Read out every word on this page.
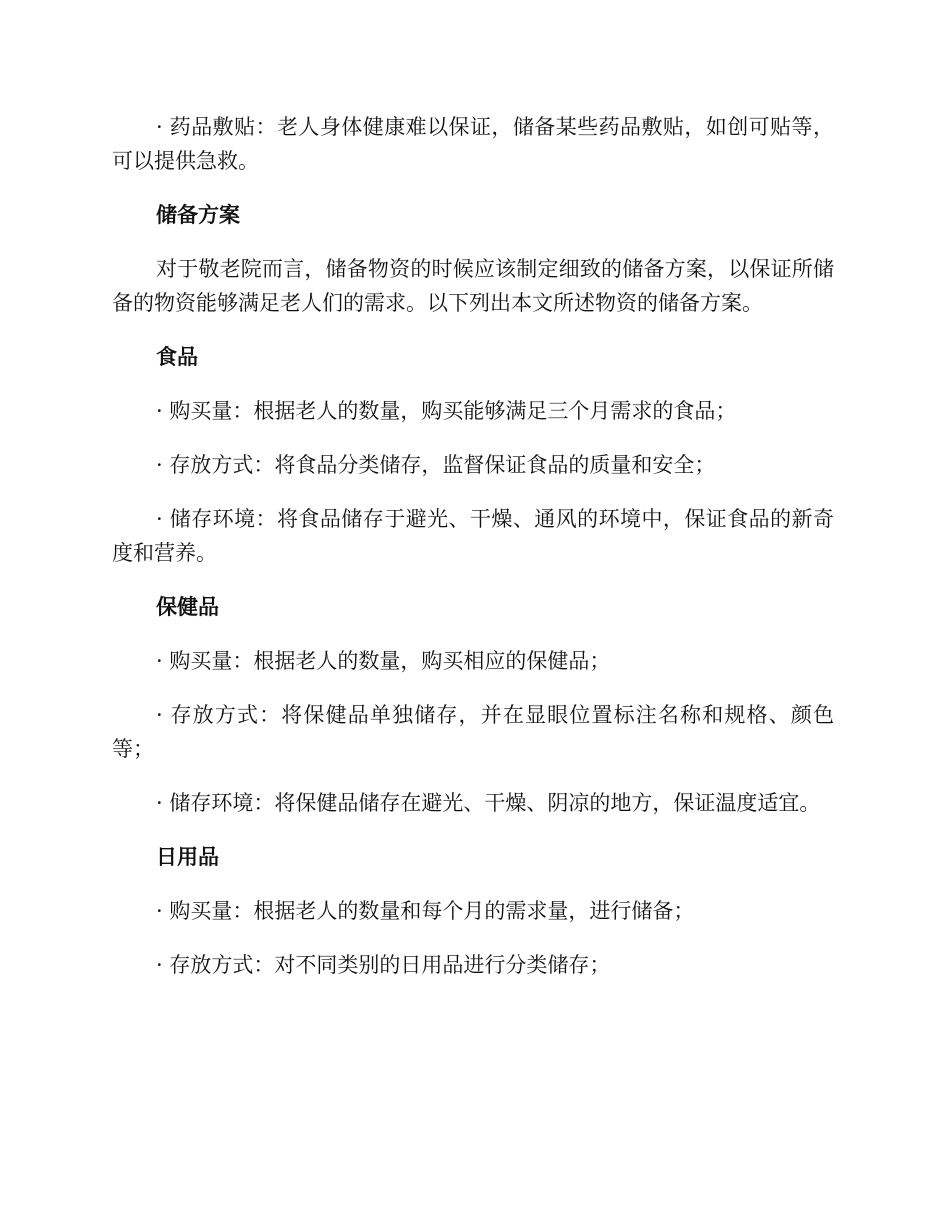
· 药品敷贴：老人身体健康难以保证，储备某些药品敷贴，如创可贴等，可以提供急救。

储备方案

对于敬老院而言，储备物资的时候应该制定细致的储备方案，以保证所储备的物资能够满足老人们的需求。以下列出本文所述物资的储备方案。

食品

· 购买量：根据老人的数量，购买能够满足三个月需求的食品；

· 存放方式：将食品分类储存，监督保证食品的质量和安全；

· 储存环境：将食品储存于避光、干燥、通风的环境中，保证食品的新奇度和营养。

保健品

· 购买量：根据老人的数量，购买相应的保健品；

· 存放方式：将保健品单独储存，并在显眼位置标注名称和规格、颜色等；

· 储存环境：将保健品储存在避光、干燥、阴凉的地方，保证温度适宜。

日用品

· 购买量：根据老人的数量和每个月的需求量，进行储备；

· 存放方式：对不同类别的日用品进行分类储存；
